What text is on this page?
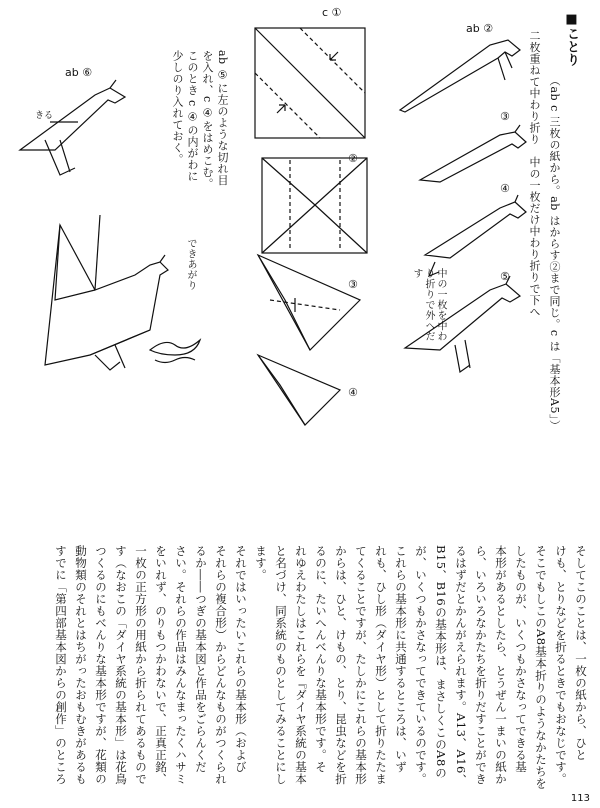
c ①
②
③
④
ab ②
③
④
⑤
ab ⑥
きる
できあがり
中の一枚を中わり折りで外へだす
ab ⑤に左のような切れ目を入れ、c ④をはめこむ。このとき c ④の内がわに少しのり入れておく。
■ことり
（ab c 三枚の紙から。ab はからす②まで同じ。c は「基本形A5」）
二枚重ねて中わり折り　中の一枚だけ中わり折りで下へ
そしてこのことは、一枚の紙から、ひと
けも、とりなどを折るときでもおなじです。
そこでもしこのA8基本折りのようなかたちを
したものが、いくつもかさなってできる基
本形があるとしたら、とうぜん一まいの紙か
ら、いろいろなかたちを折りだすことができ
るはずだとかんがえられます。A13、A16、
B15、B16の基本形は、まさしくこのA8の
が、いくつもかさなってできているのです。
これらの基本形に共通するところは、いず
れも、ひし形（ダイヤ形）として折りたたま
てくることですが、たしかにこれらの基本形
からは、ひと、けもの、とり、昆虫などを折
るのに、たいへんべんりな基本形です。そ
れゆえわたしはこれらを『ダイヤ系統の基本
と名づけ、同系統のものとしてみることにし
ます。
それではいったいこれらの基本形（および
それらの複合形）からどんなものがつくられ
るか――つぎの基本図と作品をごらんくだ
さい。それらの作品はみんなまったくハサミ
をいれず、のりもつかわないで、正真正銘、
一枚の正方形の用紙から折られてあるもので
す（なおこの「ダイヤ系統の基本形」は花鳥
つくるのにもべんりな基本形ですが、花類の
動物類のそれとはちがったおもむきがあるも
すでに「第四部基本図からの創作」のところ
113
